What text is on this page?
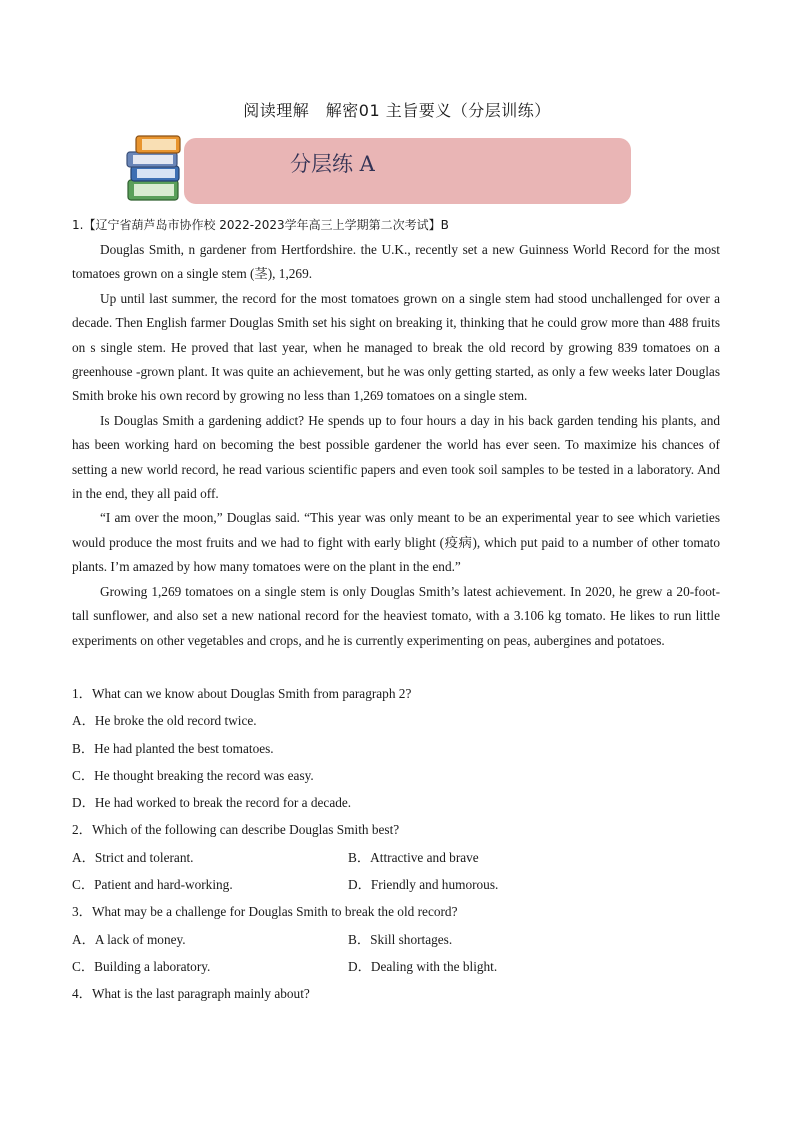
阅读理解　解密01 主旨要义（分层训练）
分层练 A
1.【辽宁省葫芦岛市协作校 2022-2023学年高三上学期第二次考试】B

Douglas Smith, n gardener from Hertfordshire. the U.K., recently set a new Guinness World Record for the most tomatoes grown on a single stem (茎), 1,269.

Up until last summer, the record for the most tomatoes grown on a single stem had stood unchallenged for over a decade. Then English farmer Douglas Smith set his sight on breaking it, thinking that he could grow more than 488 fruits on s single stem. He proved that last year, when he managed to break the old record by growing 839 tomatoes on a greenhouse -grown plant. It was quite an achievement, but he was only getting started, as only a few weeks later Douglas Smith broke his own record by growing no less than 1,269 tomatoes on a single stem.

Is Douglas Smith a gardening addict? He spends up to four hours a day in his back garden tending his plants, and has been working hard on becoming the best possible gardener the world has ever seen. To maximize his chances of setting a new world record, he read various scientific papers and even took soil samples to be tested in a laboratory. And in the end, they all paid off.

“I am over the moon,” Douglas said. “This year was only meant to be an experimental year to see which varieties would produce the most fruits and we had to fight with early blight (疫病), which put paid to a number of other tomato plants. I’m amazed by how many tomatoes were on the plant in the end.”

Growing 1,269 tomatoes on a single stem is only Douglas Smith’s latest achievement. In 2020, he grew a 20-foot-tall sunflower, and also set a new national record for the heaviest tomato, with a 3.106 kg tomato. He likes to run little experiments on other vegetables and crops, and he is currently experimenting on peas, aubergines and potatoes.

1．What can we know about Douglas Smith from paragraph 2?
A．He broke the old record twice.
B．He had planted the best tomatoes.
C．He thought breaking the record was easy.
D．He had worked to break the record for a decade.
2．Which of the following can describe Douglas Smith best?
A．Strict and tolerant.	B．Attractive and brave
C．Patient and hard-working.	D．Friendly and humorous.
3．What may be a challenge for Douglas Smith to break the old record?
A．A lack of money.	B．Skill shortages.
C．Building a laboratory.	D．Dealing with the blight.
4．What is the last paragraph mainly about?
